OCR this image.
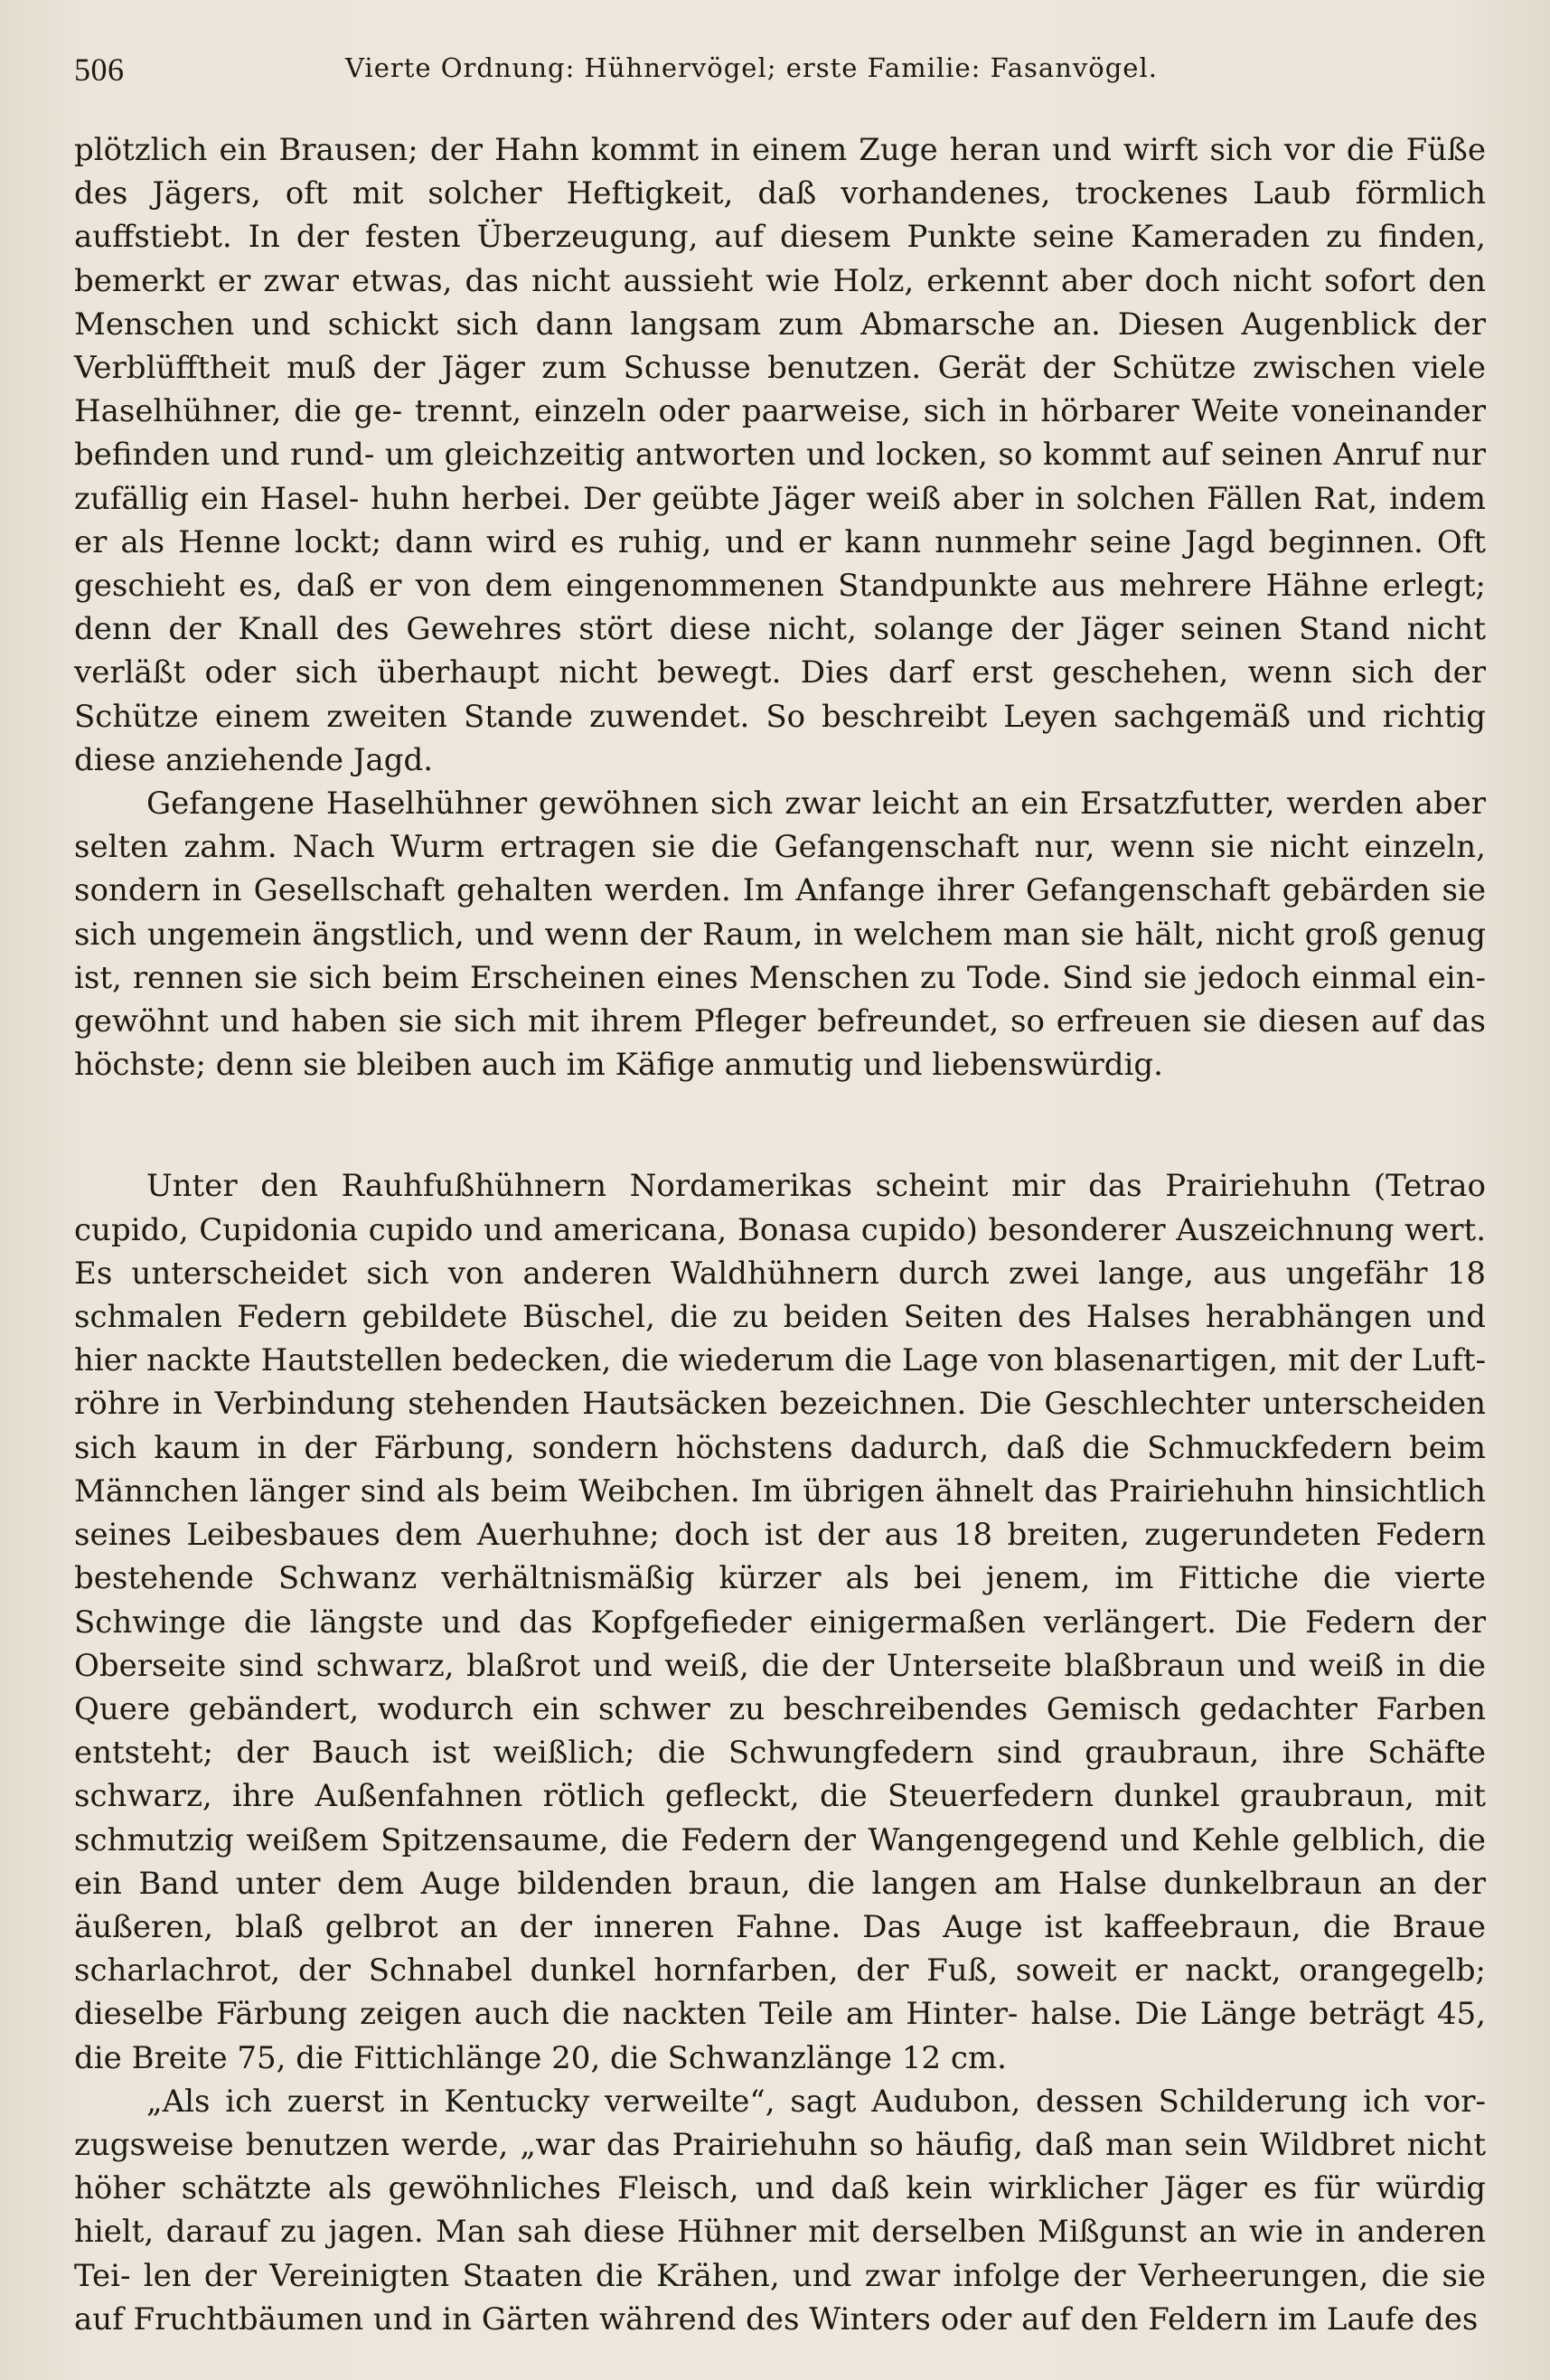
506	Vierte Ordnung: Hühnervögel; erste Familie: Fasanvögel.

plötzlich ein Brausen; der Hahn kommt in einem Zuge heran und wirft sich vor die Füße des Jägers, oft mit solcher Heftigkeit, daß vorhandenes, trockenes Laub förmlich auffstiebt. In der festen Überzeugung, auf diesem Punkte seine Kameraden zu finden, bemerkt er zwar etwas, das nicht aussieht wie Holz, erkennt aber doch nicht sofort den Menschen und schickt sich dann langsam zum Abmarsche an. Diesen Augenblick der Verblüfftheit muß der Jäger zum Schusse benutzen. Gerät der Schütze zwischen viele Haselhühner, die ge- trennt, einzeln oder paarweise, sich in hörbarer Weite voneinander befinden und rund- um gleichzeitig antworten und locken, so kommt auf seinen Anruf nur zufällig ein Hasel- huhn herbei. Der geübte Jäger weiß aber in solchen Fällen Rat, indem er als Henne lockt; dann wird es ruhig, und er kann nunmehr seine Jagd beginnen. Oft geschieht es, daß er von dem eingenommenen Standpunkte aus mehrere Hähne erlegt; denn der Knall des Gewehres stört diese nicht, solange der Jäger seinen Stand nicht verläßt oder sich überhaupt nicht bewegt. Dies darf erst geschehen, wenn sich der Schütze einem zweiten Stande zuwendet. So beschreibt Leyen sachgemäß und richtig diese anziehende Jagd.

Gefangene Haselhühner gewöhnen sich zwar leicht an ein Ersatzfutter, werden aber selten zahm. Nach Wurm ertragen sie die Gefangenschaft nur, wenn sie nicht einzeln, sondern in Gesellschaft gehalten werden. Im Anfange ihrer Gefangenschaft gebärden sie sich ungemein ängstlich, und wenn der Raum, in welchem man sie hält, nicht groß genug ist, rennen sie sich beim Erscheinen eines Menschen zu Tode. Sind sie jedoch einmal ein- gewöhnt und haben sie sich mit ihrem Pfleger befreundet, so erfreuen sie diesen auf das höchste; denn sie bleiben auch im Käfige anmutig und liebenswürdig.

Unter den Rauhfußhühnern Nordamerikas scheint mir das Prairiehuhn (Tetrao cupido, Cupidonia cupido und americana, Bonasa cupido) besonderer Auszeichnung wert. Es unterscheidet sich von anderen Waldhühnern durch zwei lange, aus ungefähr 18 schmalen Federn gebildete Büschel, die zu beiden Seiten des Halses herabhängen und hier nackte Hautstellen bedecken, die wiederum die Lage von blasenartigen, mit der Luft- röhre in Verbindung stehenden Hautsäcken bezeichnen. Die Geschlechter unterscheiden sich kaum in der Färbung, sondern höchstens dadurch, daß die Schmuckfedern beim Männchen länger sind als beim Weibchen. Im übrigen ähnelt das Prairiehuhn hinsichtlich seines Leibesbaues dem Auerhuhne; doch ist der aus 18 breiten, zugerundeten Federn bestehende Schwanz verhältnismäßig kürzer als bei jenem, im Fittiche die vierte Schwinge die längste und das Kopfgefieder einigermaßen verlängert. Die Federn der Oberseite sind schwarz, blaßrot und weiß, die der Unterseite blaßbraun und weiß in die Quere gebändert, wodurch ein schwer zu beschreibendes Gemisch gedachter Farben entsteht; der Bauch ist weißlich; die Schwungfedern sind graubraun, ihre Schäfte schwarz, ihre Außenfahnen rötlich gefleckt, die Steuerfedern dunkel graubraun, mit schmutzig weißem Spitzensaume, die Federn der Wangengegend und Kehle gelblich, die ein Band unter dem Auge bildenden braun, die langen am Halse dunkelbraun an der äußeren, blaß gelbrot an der inneren Fahne. Das Auge ist kaffeebraun, die Braue scharlachrot, der Schnabel dunkel hornfarben, der Fuß, soweit er nackt, orangegelb; dieselbe Färbung zeigen auch die nackten Teile am Hinter- halse. Die Länge beträgt 45, die Breite 75, die Fittichlänge 20, die Schwanzlänge 12 cm.

„Als ich zuerst in Kentucky verweilte“, sagt Audubon, dessen Schilderung ich vor- zugsweise benutzen werde, „war das Prairiehuhn so häufig, daß man sein Wildbret nicht höher schätzte als gewöhnliches Fleisch, und daß kein wirklicher Jäger es für würdig hielt, darauf zu jagen. Man sah diese Hühner mit derselben Mißgunst an wie in anderen Tei- len der Vereinigten Staaten die Krähen, und zwar infolge der Verheerungen, die sie auf Fruchtbäumen und in Gärten während des Winters oder auf den Feldern im Laufe des
